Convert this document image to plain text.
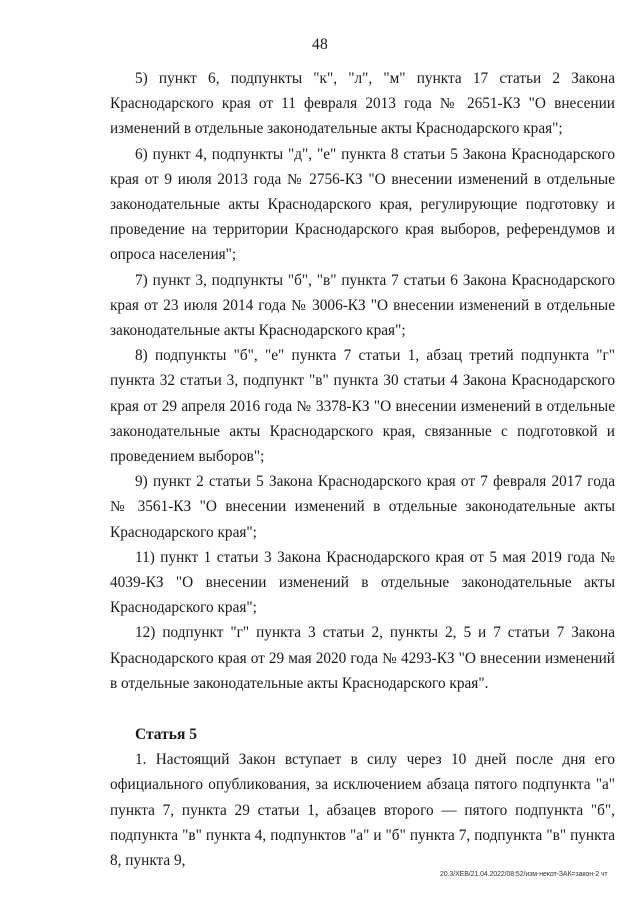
48

5) пункт 6, подпункты "к", "л", "м" пункта 17 статьи 2 Закона Краснодарского края от 11 февраля 2013 года № 2651-КЗ "О внесении изменений в отдельные законодательные акты Краснодарского края";

6) пункт 4, подпункты "д", "е" пункта 8 статьи 5 Закона Краснодарского края от 9 июля 2013 года № 2756-КЗ "О внесении изменений в отдельные законодательные акты Краснодарского края, регулирующие подготовку и проведение на территории Краснодарского края выборов, референдумов и опроса населения";

7) пункт 3, подпункты "б", "в" пункта 7 статьи 6 Закона Краснодарского края от 23 июля 2014 года № 3006-КЗ "О внесении изменений в отдельные законодательные акты Краснодарского края";

8) подпункты "б", "е" пункта 7 статьи 1, абзац третий подпункта "г" пункта 32 статьи 3, подпункт "в" пункта 30 статьи 4 Закона Краснодарского края от 29 апреля 2016 года № 3378-КЗ "О внесении изменений в отдельные законодательные акты Краснодарского края, связанные с подготовкой и проведением выборов";

9) пункт 2 статьи 5 Закона Краснодарского края от 7 февраля 2017 года № 3561-КЗ "О внесении изменений в отдельные законодательные акты Краснодарского края";

11) пункт 1 статьи 3 Закона Краснодарского края от 5 мая 2019 года № 4039-КЗ "О внесении изменений в отдельные законодательные акты Краснодарского края";

12) подпункт "г" пункта 3 статьи 2, пункты 2, 5 и 7 статьи 7 Закона Краснодарского края от 29 мая 2020 года № 4293-КЗ "О внесении изменений в отдельные законодательные акты Краснодарского края".

Статья 5

1. Настоящий Закон вступает в силу через 10 дней после дня его официального опубликования, за исключением абзаца пятого подпункта "а" пункта 7, пункта 29 статьи 1, абзацев второго — пятого подпункта "б", подпункта "в" пункта 4, подпунктов "а" и "б" пункта 7, подпункта "в" пункта 8, пункта 9,

20.3/ХЕВ/21.04.2022/08:52/изм-некот-ЗАК=закон-2 чт
